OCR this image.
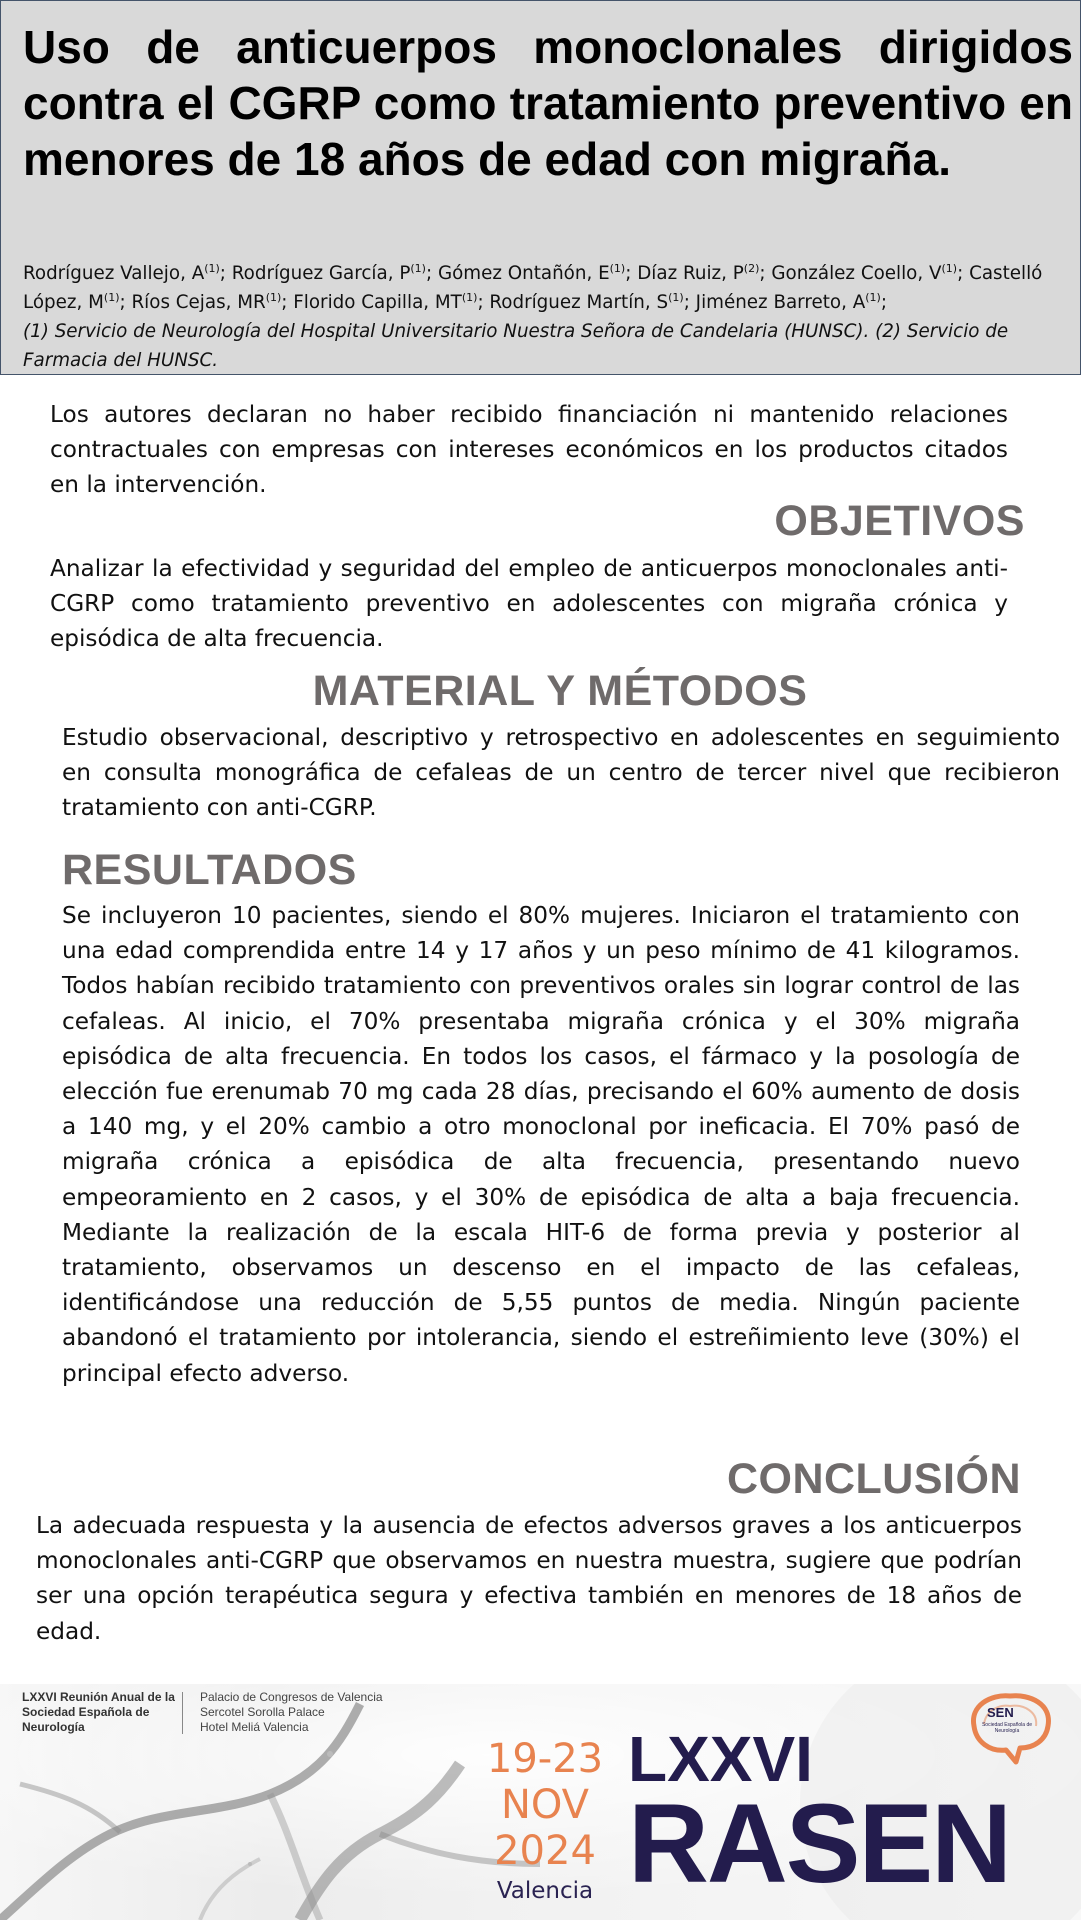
Uso de anticuerpos monoclonales dirigidos contra el CGRP como tratamiento preventivo en menores de 18 años de edad con migraña.
Rodríguez Vallejo, $A^{(1)}$; Rodríguez García, $P^{(1)}$; Gómez Ontañón, $E^{(1)}$; Díaz Ruiz, $P^{(2)}$; González Coello, $V^{(1)}$; Castelló López, $M^{(1)}$; Ríos Cejas, MR$^{(1)}$; Florido Capilla, MT$^{(1)}$; Rodríguez Martín, $S^{(1)}$; Jiménez Barreto, $A^{(1)}$;
(1) Servicio de Neurología del Hospital Universitario Nuestra Señora de Candelaria (HUNSC). (2) Servicio de Farmacia del HUNSC.

Los autores declaran no haber recibido financiación ni mantenido relaciones contractuales con empresas con intereses económicos en los productos citados en la intervención.

OBJETIVOS

Analizar la efectividad y seguridad del empleo de anticuerpos monoclonales anti-CGRP como tratamiento preventivo en adolescentes con migraña crónica y episódica de alta frecuencia.

MATERIAL Y MÉTODOS

Estudio observacional, descriptivo y retrospectivo en adolescentes en seguimiento en consulta monográfica de cefaleas de un centro de tercer nivel que recibieron tratamiento con anti-CGRP.

RESULTADOS

Se incluyeron 10 pacientes, siendo el 80% mujeres. Iniciaron el tratamiento con una edad comprendida entre 14 y 17 años y un peso mínimo de 41 kilogramos. Todos habían recibido tratamiento con preventivos orales sin lograr control de las cefaleas. Al inicio, el 70% presentaba migraña crónica y el 30% migraña episódica de alta frecuencia. En todos los casos, el fármaco y la posología de elección fue erenumab 70 mg cada 28 días, precisando el 60% aumento de dosis a 140 mg, y el 20% cambio a otro monoclonal por ineficacia. El 70% pasó de migraña crónica a episódica de alta frecuencia, presentando nuevo empeoramiento en 2 casos, y el 30% de episódica de alta a baja frecuencia. Mediante la realización de la escala HIT-6 de forma previa y posterior al tratamiento, observamos un descenso en el impacto de las cefaleas, identificándose una reducción de 5,55 puntos de media. Ningún paciente abandonó el tratamiento por intolerancia, siendo el estreñimiento leve (30%) el principal efecto adverso.

CONCLUSIÓN

La adecuada respuesta y la ausencia de efectos adversos graves a los anticuerpos monoclonales anti-CGRP que observamos en nuestra muestra, sugiere que podrían ser una opción terapéutica segura y efectiva también en menores de 18 años de edad.

LXXVI Reunión Anual de la Sociedad Española de Neurología
Palacio de Congresos de Valencia
Sercotel Sorolla Palace
Hotel Meliá Valencia
19-23
NOV
2024
Valencia
LXXVI
RASEN
SEN
Sociedad Española de Neurología
